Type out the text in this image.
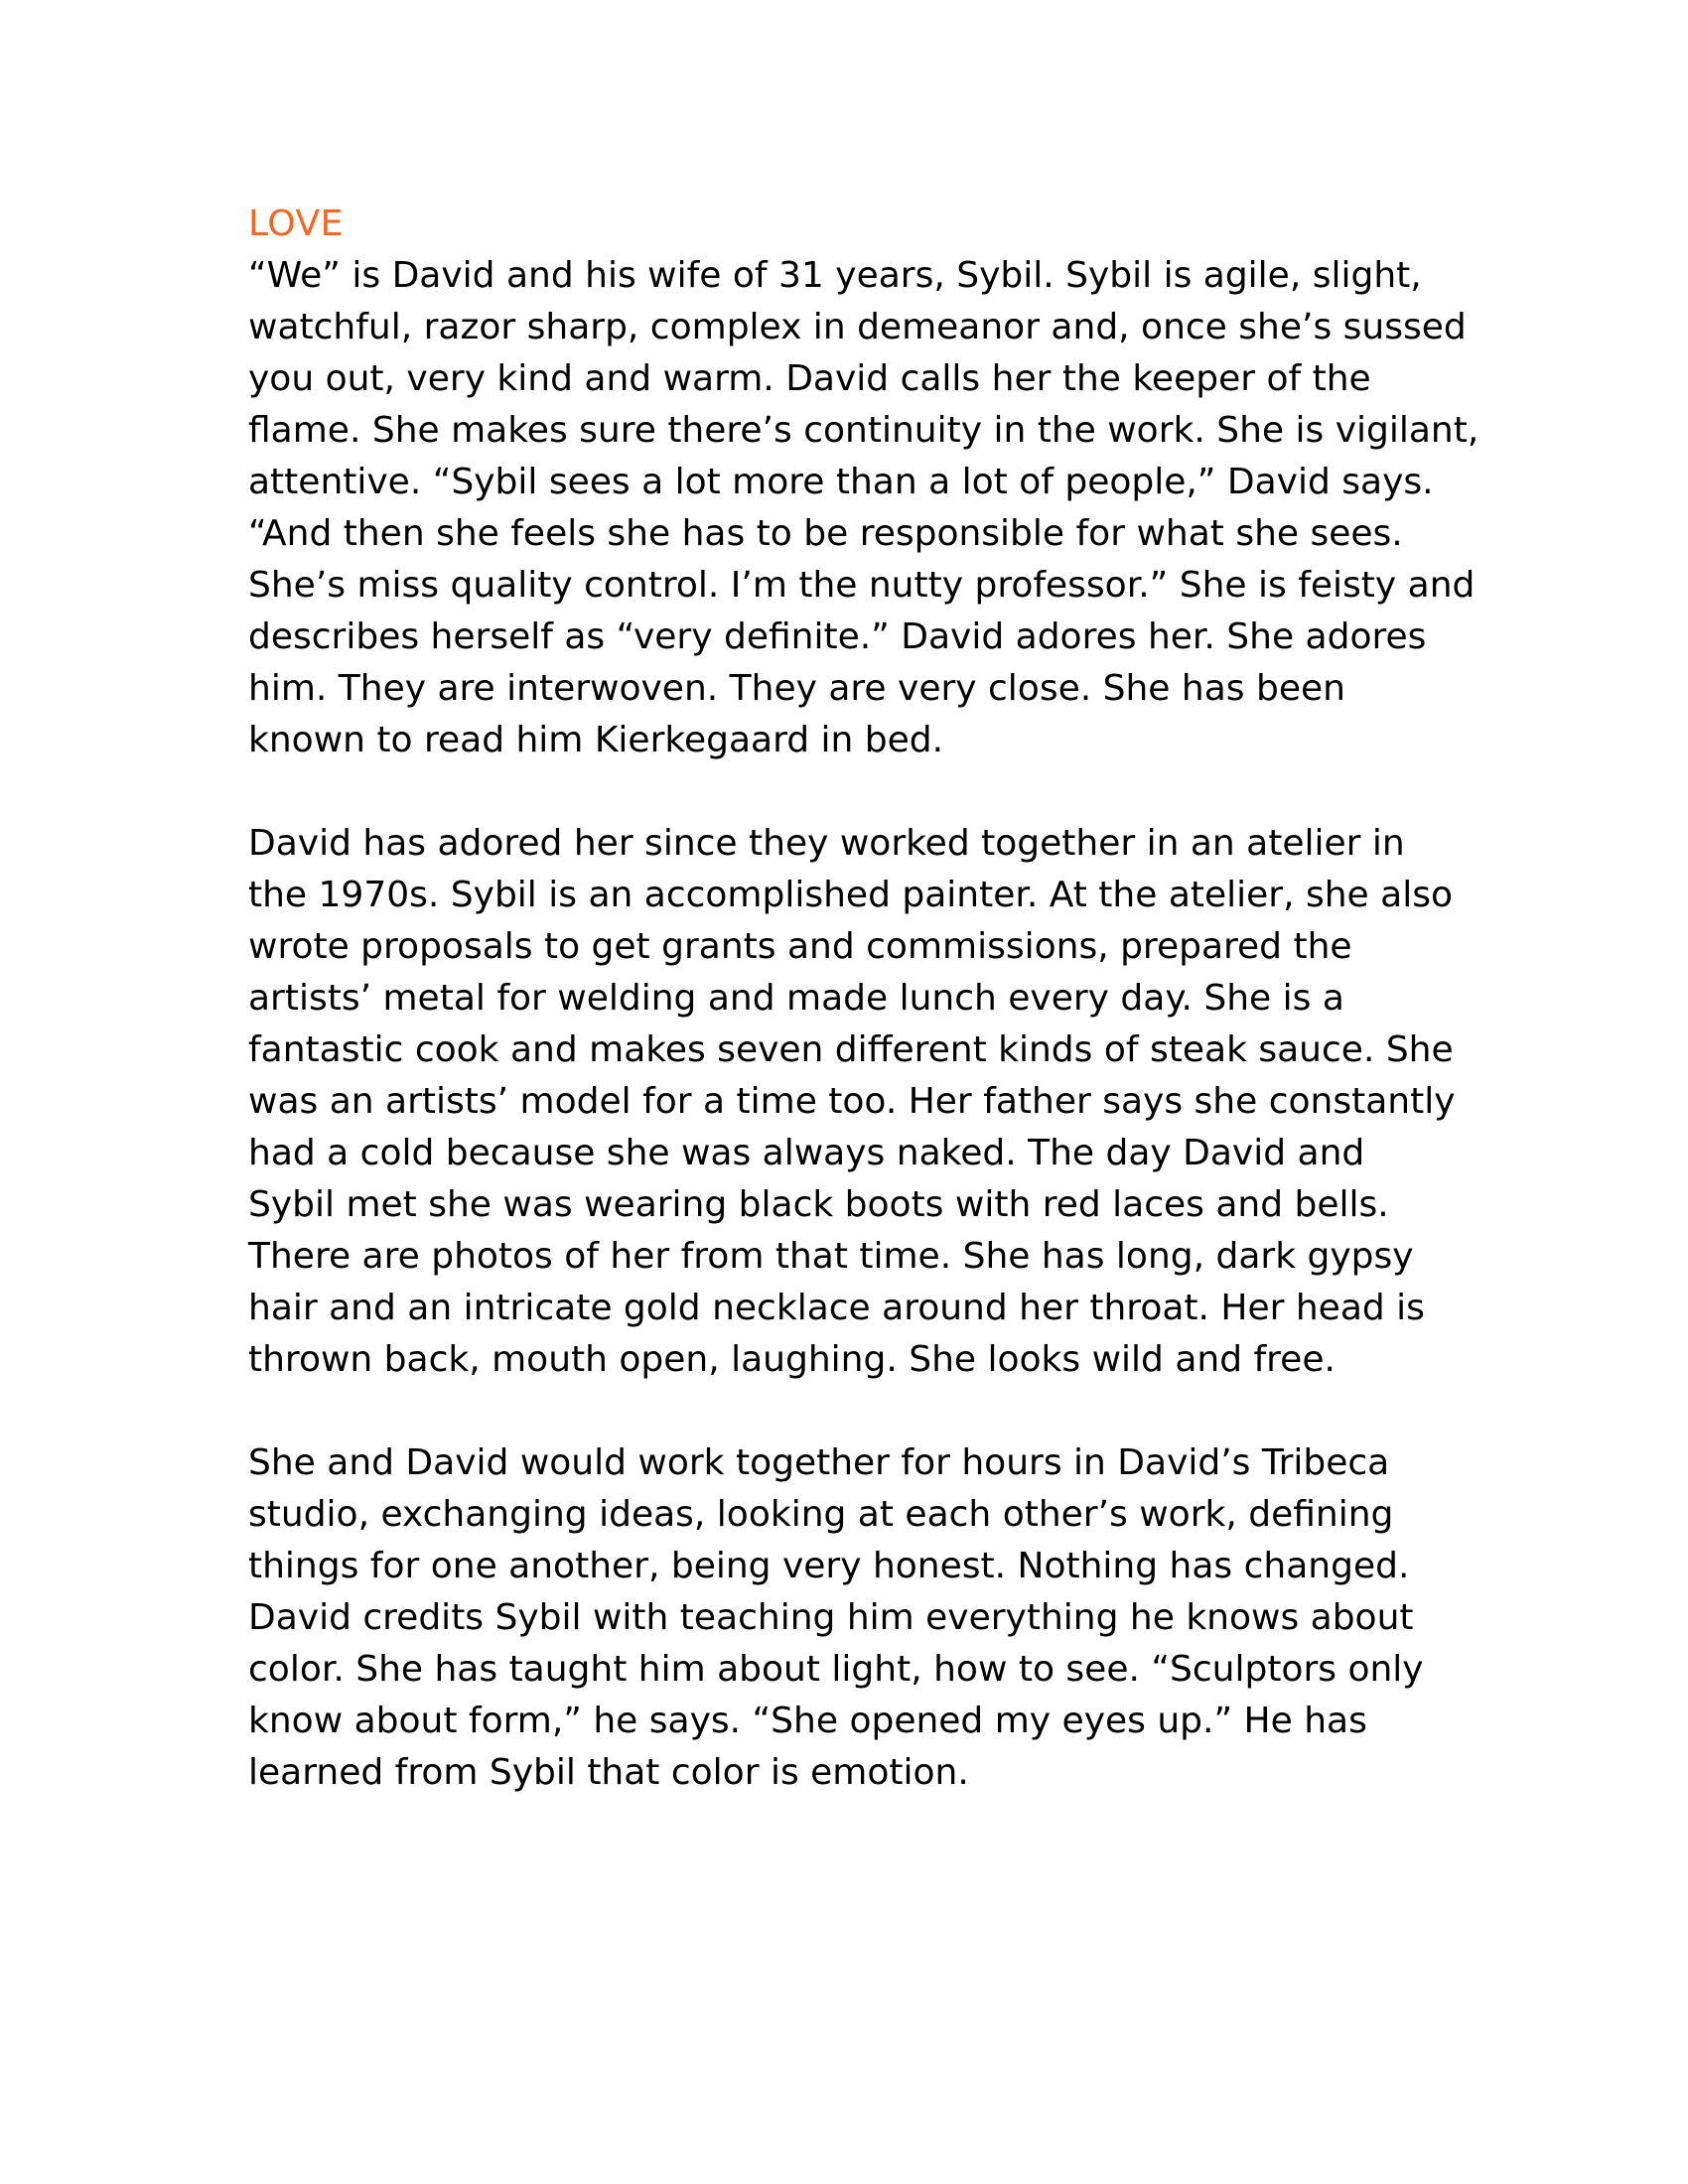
LOVE
“We” is David and his wife of 31 years, Sybil. Sybil is agile, slight,
watchful, razor sharp, complex in demeanor and, once she’s sussed
you out, very kind and warm. David calls her the keeper of the
flame. She makes sure there’s continuity in the work. She is vigilant,
attentive. “Sybil sees a lot more than a lot of people,” David says.
“And then she feels she has to be responsible for what she sees.
She’s miss quality control. I’m the nutty professor.” She is feisty and
describes herself as “very definite.” David adores her. She adores
him. They are interwoven. They are very close. She has been
known to read him Kierkegaard in bed.
David has adored her since they worked together in an atelier in
the 1970s. Sybil is an accomplished painter. At the atelier, she also
wrote proposals to get grants and commissions, prepared the
artists’ metal for welding and made lunch every day. She is a
fantastic cook and makes seven different kinds of steak sauce. She
was an artists’ model for a time too. Her father says she constantly
had a cold because she was always naked. The day David and
Sybil met she was wearing black boots with red laces and bells.
There are photos of her from that time. She has long, dark gypsy
hair and an intricate gold necklace around her throat. Her head is
thrown back, mouth open, laughing. She looks wild and free.
She and David would work together for hours in David’s Tribeca
studio, exchanging ideas, looking at each other’s work, defining
things for one another, being very honest. Nothing has changed.
David credits Sybil with teaching him everything he knows about
color. She has taught him about light, how to see. “Sculptors only
know about form,” he says. “She opened my eyes up.” He has
learned from Sybil that color is emotion.
